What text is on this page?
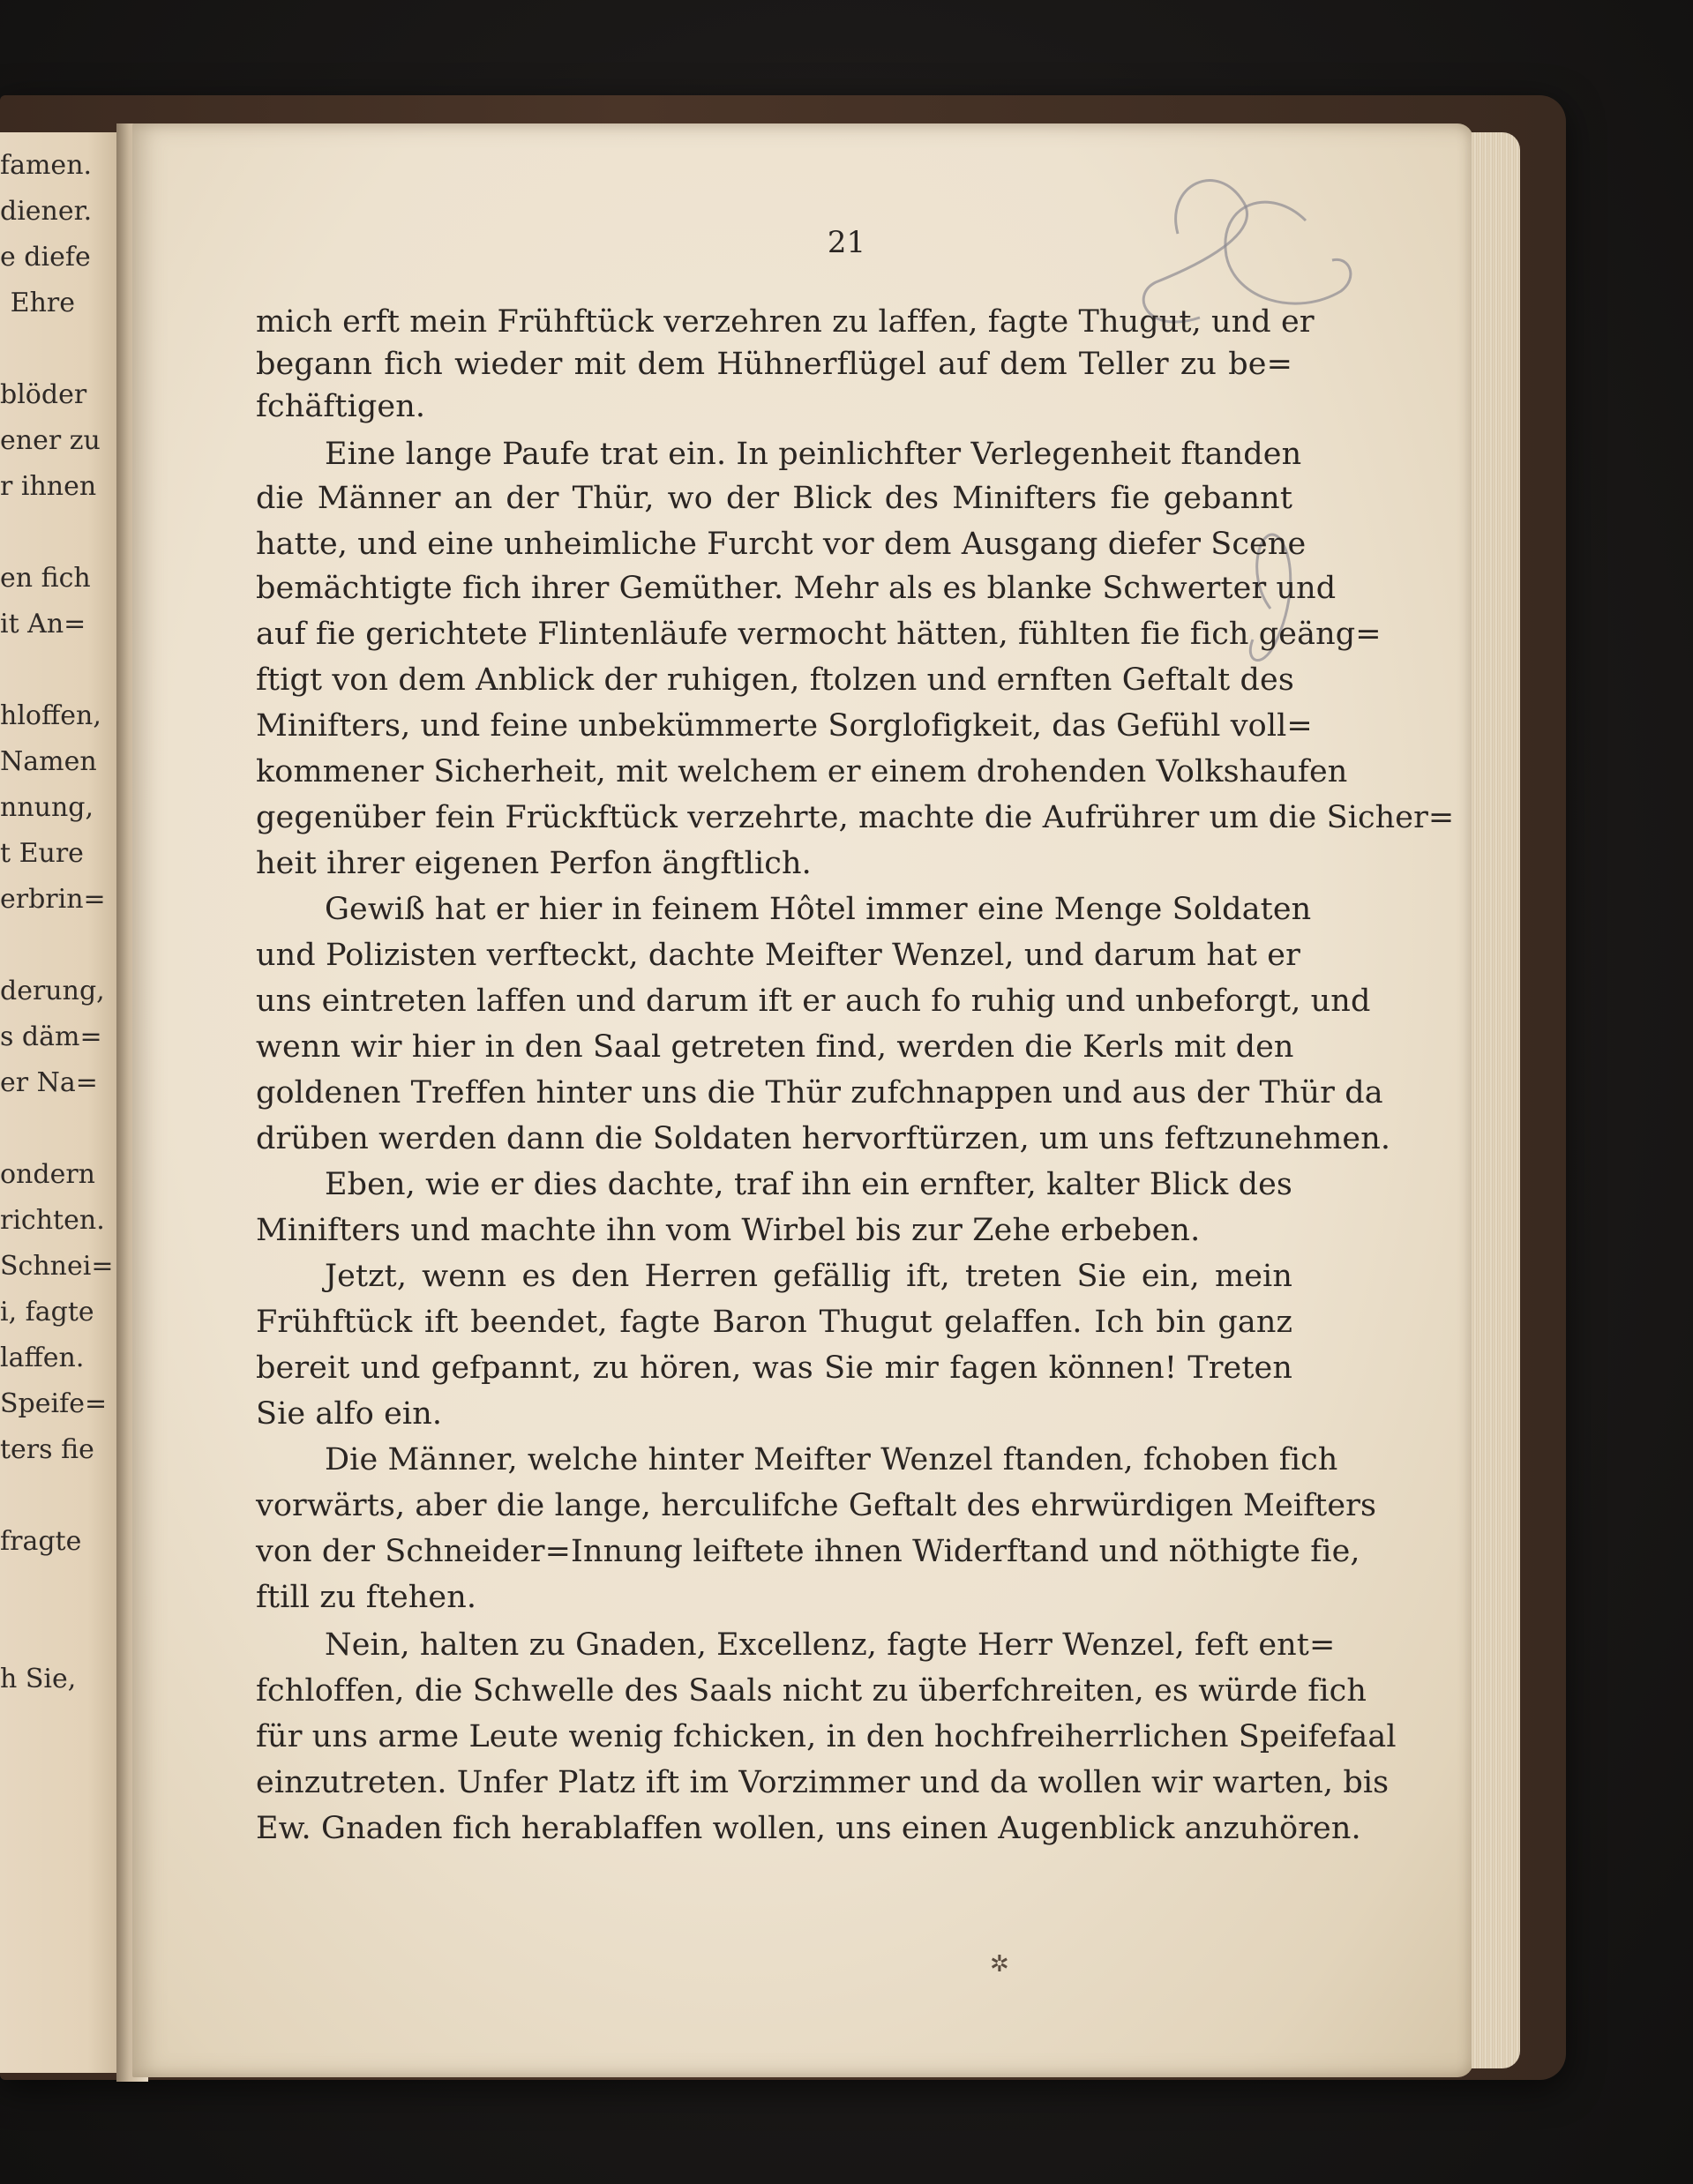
famen.
diener.
e diefe
Ehre
blöder
ener zu
r ihnen
en fich
it An=
hloffen,
Namen
nnung,
t Eure
erbrin=
derung,
s däm=
er Na=
ondern
richten.
Schnei=
i, fagte
laffen.
Speife=
ters fie
fragte
h Sie,
21
mich erft mein Frühftück verzehren zu laffen, fagte Thugut, und er
begann fich wieder mit dem Hühnerflügel auf dem Teller zu be=
fchäftigen.
Eine lange Paufe trat ein. In peinlichfter Verlegenheit ftanden
die Männer an der Thür, wo der Blick des Minifters fie gebannt
hatte, und eine unheimliche Furcht vor dem Ausgang diefer Scene
bemächtigte fich ihrer Gemüther. Mehr als es blanke Schwerter und
auf fie gerichtete Flintenläufe vermocht hätten, fühlten fie fich geäng=
ftigt von dem Anblick der ruhigen, ftolzen und ernften Geftalt des
Minifters, und feine unbekümmerte Sorglofigkeit, das Gefühl voll=
kommener Sicherheit, mit welchem er einem drohenden Volkshaufen
gegenüber fein Frückftück verzehrte, machte die Aufrührer um die Sicher=
heit ihrer eigenen Perfon ängftlich.
Gewiß hat er hier in feinem Hôtel immer eine Menge Soldaten
und Polizisten verfteckt, dachte Meifter Wenzel, und darum hat er
uns eintreten laffen und darum ift er auch fo ruhig und unbeforgt, und
wenn wir hier in den Saal getreten find, werden die Kerls mit den
goldenen Treffen hinter uns die Thür zufchnappen und aus der Thür da
drüben werden dann die Soldaten hervorftürzen, um uns feftzunehmen.
Eben, wie er dies dachte, traf ihn ein ernfter, kalter Blick des
Minifters und machte ihn vom Wirbel bis zur Zehe erbeben.
Jetzt, wenn es den Herren gefällig ift, treten Sie ein, mein
Frühftück ift beendet, fagte Baron Thugut gelaffen. Ich bin ganz
bereit und gefpannt, zu hören, was Sie mir fagen können! Treten
Sie alfo ein.
Die Männer, welche hinter Meifter Wenzel ftanden, fchoben fich
vorwärts, aber die lange, herculifche Geftalt des ehrwürdigen Meifters
von der Schneider=Innung leiftete ihnen Widerftand und nöthigte fie,
ftill zu ftehen.
Nein, halten zu Gnaden, Excellenz, fagte Herr Wenzel, feft ent=
fchloffen, die Schwelle des Saals nicht zu überfchreiten, es würde fich
für uns arme Leute wenig fchicken, in den hochfreiherrlichen Speifefaal
einzutreten. Unfer Platz ift im Vorzimmer und da wollen wir warten, bis
Ew. Gnaden fich herablaffen wollen, uns einen Augenblick anzuhören.
✲
